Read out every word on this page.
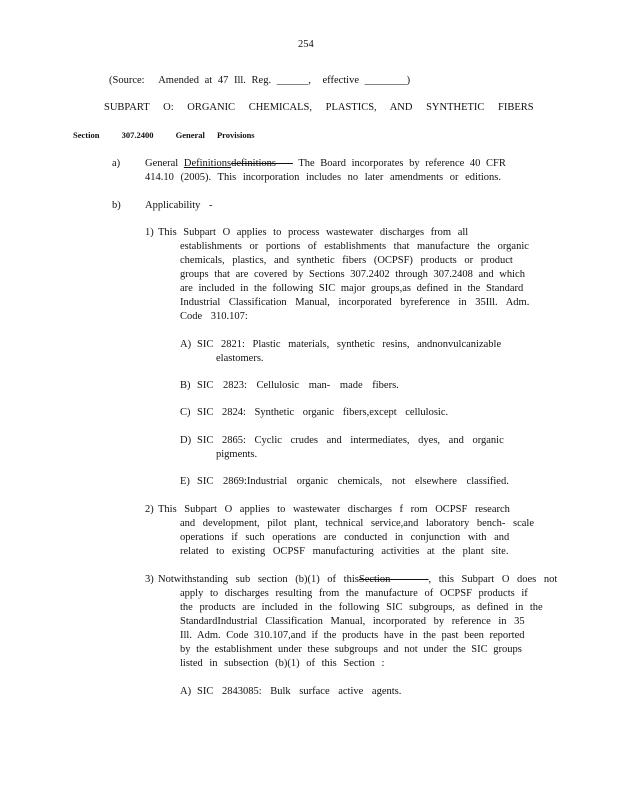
254
(Source: Amended at 47 Ill. Reg. ______, effective ________)
SUBPART O: ORGANIC CHEMICALS, PLASTICS, AND SYNTHETIC FIBERS
Section	307.2400	General Provisions
a) General Definitionsdefinitions The Board incorporates by reference 40 CFR
414.10 (2005). This incorporation includes no later amendments or editions.
b) Applicability -
1) This Subpart O applies to process wastewater discharges from all
establishments or portions of establishments that manufacture the organic
chemicals, plastics, and synthetic fibers (OCPSF) products or product
groups that are covered by Sections 307.2402 through 307.2408 and which
are included in the following SIC major groups,as defined in the Standard
Industrial Classification Manual, incorporated byreference in 35Ill. Adm.
Code 310.107:
A) SIC 2821: Plastic materials, synthetic resins, andnonvulcanizable
elastomers.
B) SIC 2823: Cellulosic man- made fibers.
C) SIC 2824: Synthetic organic fibers,except cellulosic.
D) SIC 2865: Cyclic crudes and intermediates, dyes, and organic
pigments.
E) SIC 2869:Industrial organic chemicals, not elsewhere classified.
2) This Subpart O applies to wastewater discharges f rom OCPSF research
and development, pilot plant, technical service,and laboratory bench- scale
operations if such operations are conducted in conjunction with and
related to existing OCPSF manufacturing activities at the plant site.
3) Notwithstanding sub section (b)(1) of thisSection	, this Subpart O does not
apply to discharges resulting from the manufacture of OCPSF products if
the products are included in the following SIC subgroups, as defined in the
StandardIndustrial Classification Manual, incorporated by reference in 35
Ill. Adm. Code 310.107,and if the products have in the past been reported
by the establishment under these subgroups and not under the SIC groups
listed in subsection (b)(1) of this Section :
A) SIC 2843085: Bulk surface active agents.
